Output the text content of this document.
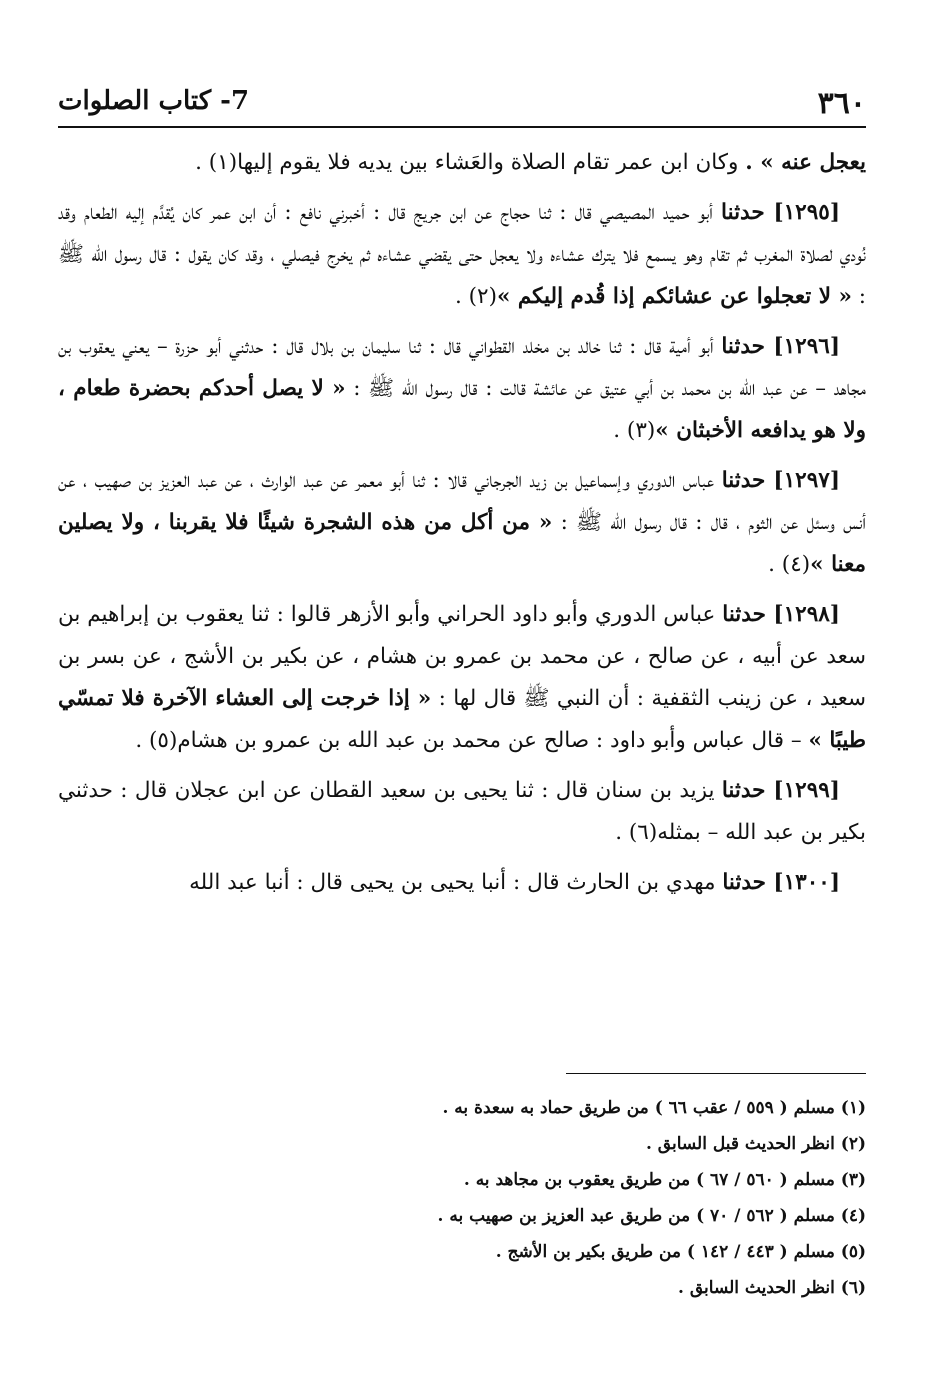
٣٦٠
7- كتاب الصلوات

يعجل عنه » . وكان ابن عمر تقام الصلاة والعَشاء بين يديه فلا يقوم إليها(١) .

[١٢٩٥] حدثنا أبو حميد المصيصي قال : ثنا حجاج عن ابن جريج قال : أخبرني نافع : أن ابن عمر كان يُقدَّم إليه الطعام وقد نُودي لصلاة المغرب ثم تقام وهو يسمع فلا يترك عشاءه ولا يعجل حتى يقضي عشاءه ثم يخرج فيصلي ، وقد كان يقول : قال رسول الله ﷺ : « لا تعجلوا عن عشائكم إذا قُدم إليكم »(٢) .

[١٢٩٦] حدثنا أبو أمية قال : ثنا خالد بن مخلد القطواني قال : ثنا سليمان بن بلال قال : حدثني أبو حزرة – يعني يعقوب بن مجاهد – عن عبد الله بن محمد بن أبي عتيق عن عائشة قالت : قال رسول الله ﷺ : « لا يصل أحدكم بحضرة طعام ، ولا هو يدافعه الأخبثان »(٣) .

[١٢٩٧] حدثنا عباس الدوري وإسماعيل بن زيد الجرجاني قالا : ثنا أبو معمر عن عبد الوارث ، عن عبد العزيز بن صهيب ، عن أنس وسئل عن الثوم ، قال : قال رسول الله ﷺ : « من أكل من هذه الشجرة شيئًا فلا يقربنا ، ولا يصلين معنا »(٤) .

[١٢٩٨] حدثنا عباس الدوري وأبو داود الحراني وأبو الأزهر قالوا : ثنا يعقوب بن إبراهيم بن سعد عن أبيه ، عن صالح ، عن محمد بن عمرو بن هشام ، عن بكير بن الأشج ، عن بسر بن سعيد ، عن زينب الثقفية : أن النبي ﷺ قال لها : « إذا خرجت إلى العشاء الآخرة فلا تمسّي طيبًا » – قال عباس وأبو داود : صالح عن محمد بن عبد الله بن عمرو بن هشام(٥) .

[١٢٩٩] حدثنا يزيد بن سنان قال : ثنا يحيى بن سعيد القطان عن ابن عجلان قال : حدثني بكير بن عبد الله – بمثله(٦) .

[١٣٠٠] حدثنا مهدي بن الحارث قال : أنبا يحيى بن يحيى قال : أنبا عبد الله

(١) مسلم ( ٥٥٩ / عقب ٦٦ ) من طريق حماد به سعدة به .
(٢) انظر الحديث قبل السابق .
(٣) مسلم ( ٥٦٠ / ٦٧ ) من طريق يعقوب بن مجاهد به .
(٤) مسلم ( ٥٦٢ / ٧٠ ) من طريق عبد العزيز بن صهيب به .
(٥) مسلم ( ٤٤٣ / ١٤٢ ) من طريق بكير بن الأشج .
(٦) انظر الحديث السابق .
